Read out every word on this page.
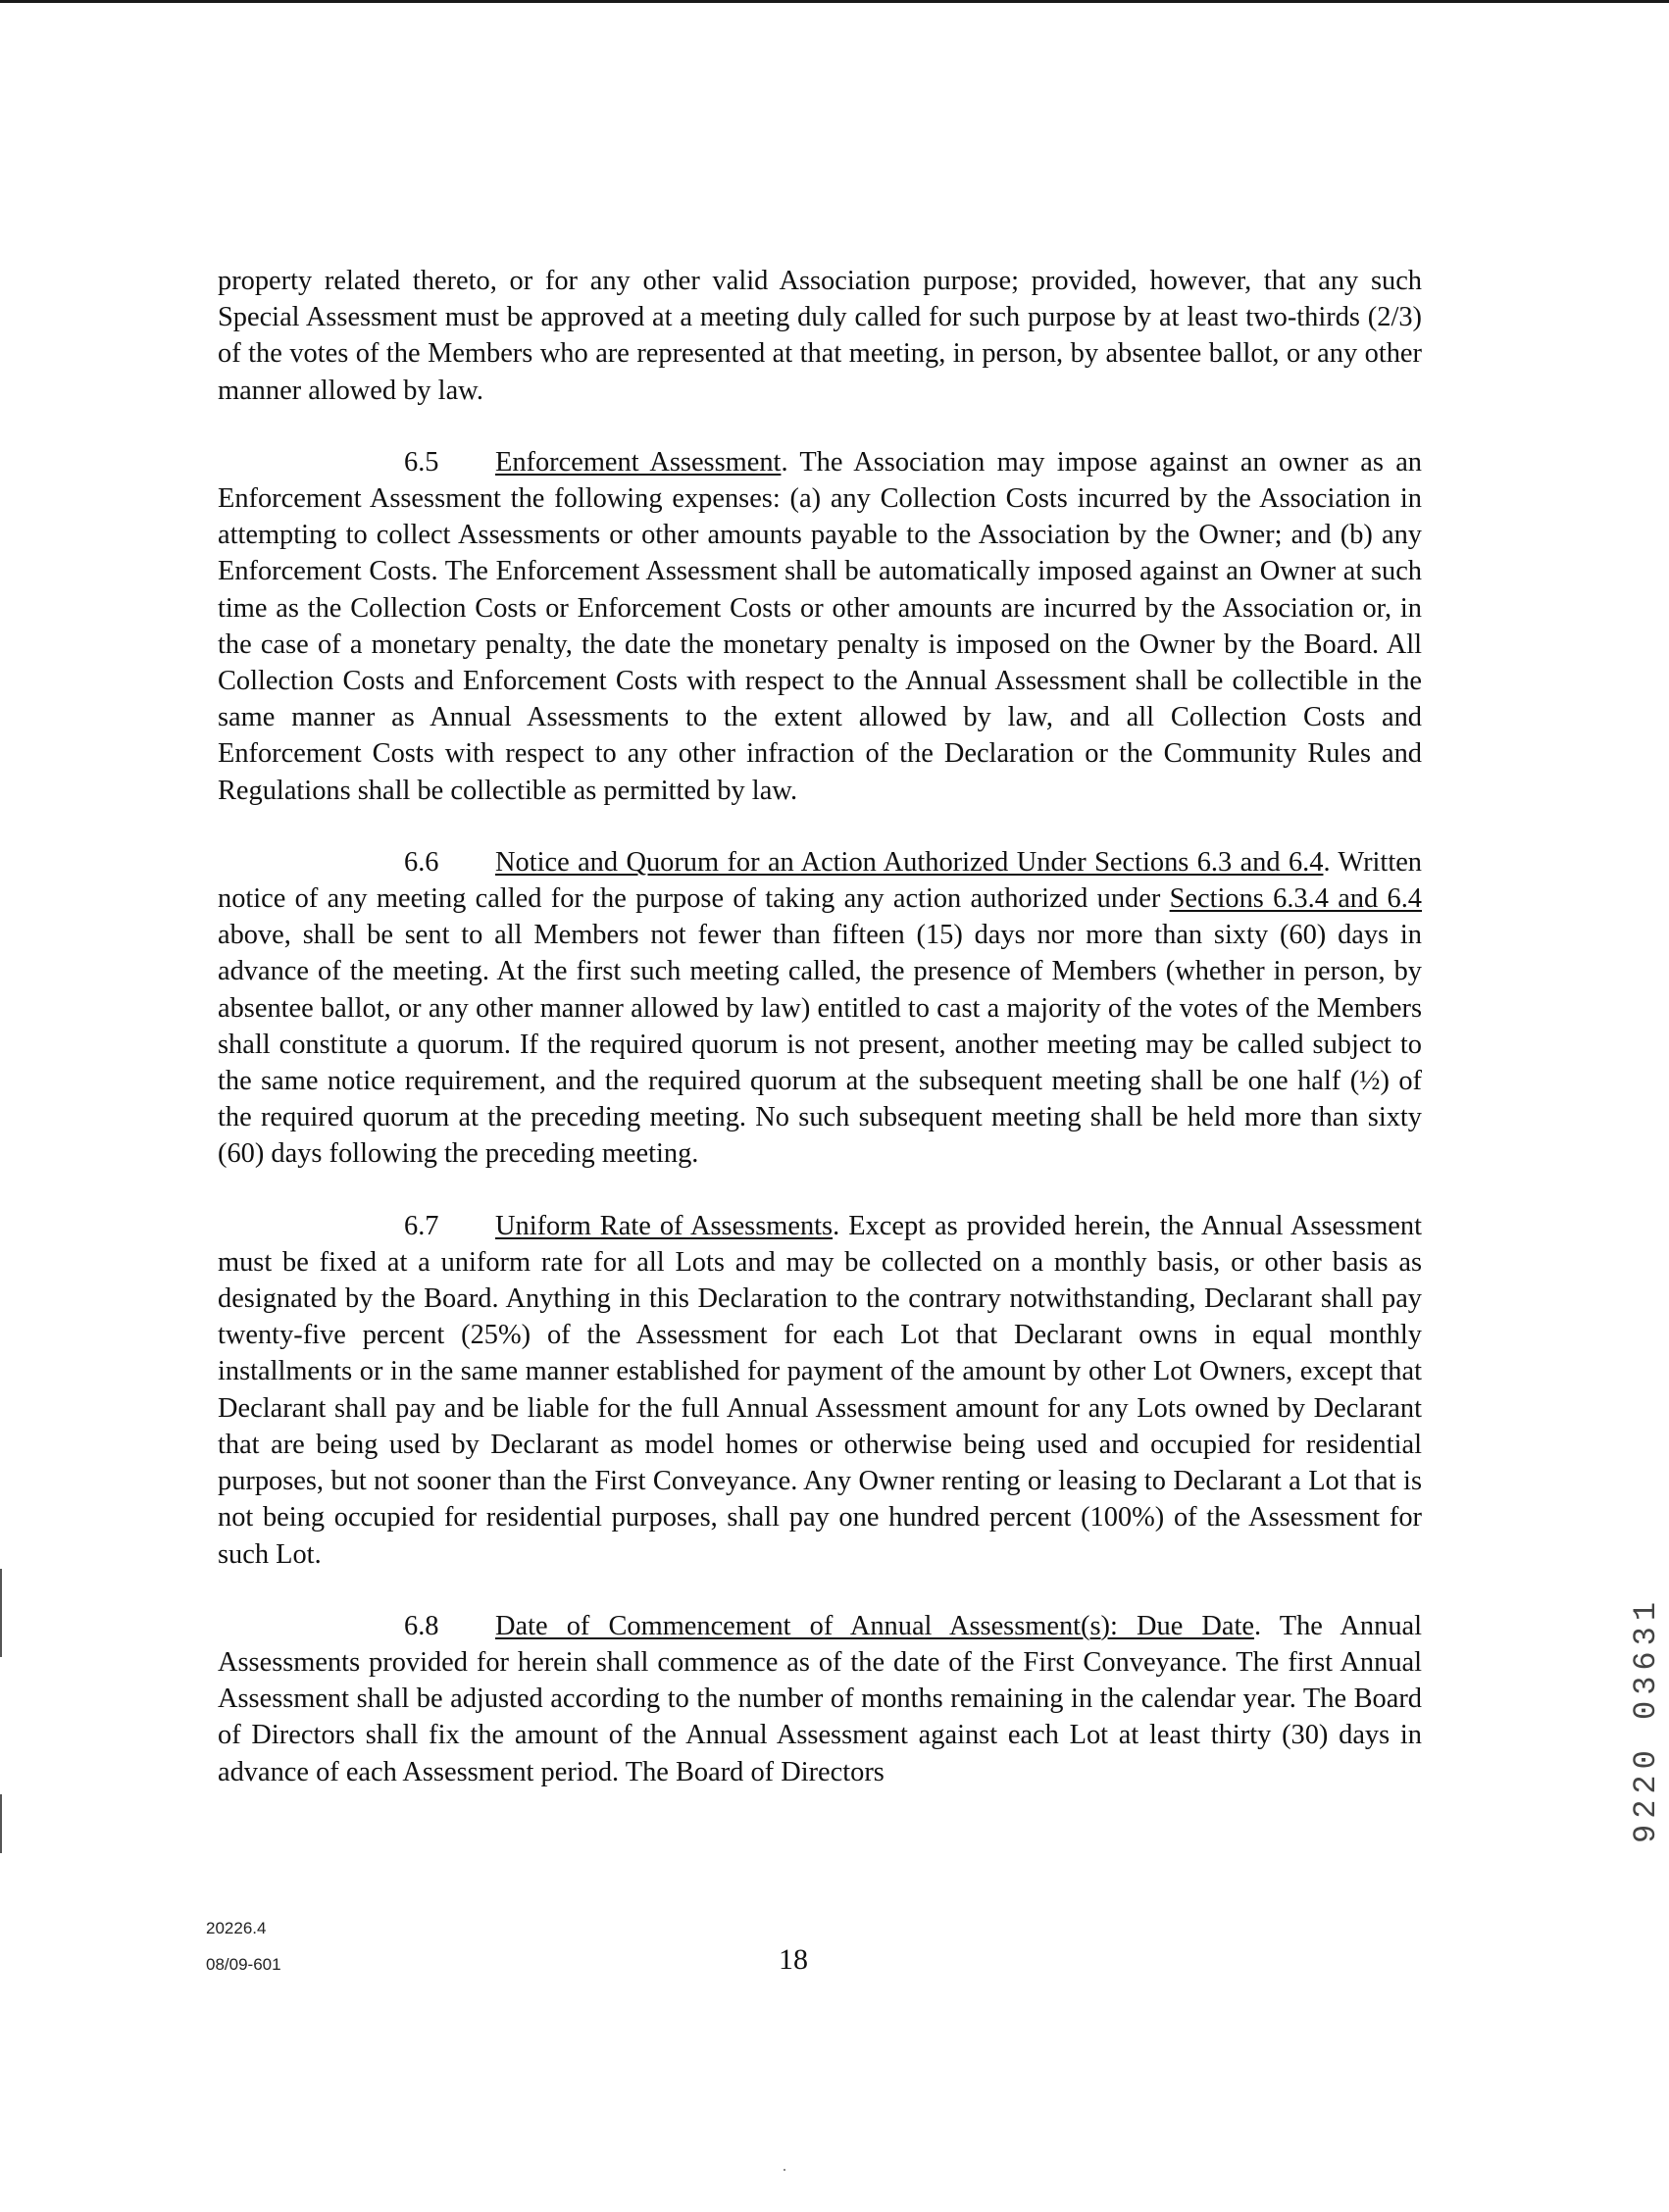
property related thereto, or for any other valid Association purpose; provided, however, that any such Special Assessment must be approved at a meeting duly called for such purpose by at least two-thirds (2/3) of the votes of the Members who are represented at that meeting, in person, by absentee ballot, or any other manner allowed by law.

6.5 Enforcement Assessment. The Association may impose against an owner as an Enforcement Assessment the following expenses: (a) any Collection Costs incurred by the Association in attempting to collect Assessments or other amounts payable to the Association by the Owner; and (b) any Enforcement Costs. The Enforcement Assessment shall be automatically imposed against an Owner at such time as the Collection Costs or Enforcement Costs or other amounts are incurred by the Association or, in the case of a monetary penalty, the date the monetary penalty is imposed on the Owner by the Board. All Collection Costs and Enforcement Costs with respect to the Annual Assessment shall be collectible in the same manner as Annual Assessments to the extent allowed by law, and all Collection Costs and Enforcement Costs with respect to any other infraction of the Declaration or the Community Rules and Regulations shall be collectible as permitted by law.

6.6 Notice and Quorum for an Action Authorized Under Sections 6.3 and 6.4. Written notice of any meeting called for the purpose of taking any action authorized under Sections 6.3.4 and 6.4 above, shall be sent to all Members not fewer than fifteen (15) days nor more than sixty (60) days in advance of the meeting. At the first such meeting called, the presence of Members (whether in person, by absentee ballot, or any other manner allowed by law) entitled to cast a majority of the votes of the Members shall constitute a quorum. If the required quorum is not present, another meeting may be called subject to the same notice requirement, and the required quorum at the subsequent meeting shall be one half (½) of the required quorum at the preceding meeting. No such subsequent meeting shall be held more than sixty (60) days following the preceding meeting.

6.7 Uniform Rate of Assessments. Except as provided herein, the Annual Assessment must be fixed at a uniform rate for all Lots and may be collected on a monthly basis, or other basis as designated by the Board. Anything in this Declaration to the contrary notwithstanding, Declarant shall pay twenty-five percent (25%) of the Assessment for each Lot that Declarant owns in equal monthly installments or in the same manner established for payment of the amount by other Lot Owners, except that Declarant shall pay and be liable for the full Annual Assessment amount for any Lots owned by Declarant that are being used by Declarant as model homes or otherwise being used and occupied for residential purposes, but not sooner than the First Conveyance. Any Owner renting or leasing to Declarant a Lot that is not being occupied for residential purposes, shall pay one hundred percent (100%) of the Assessment for such Lot.

6.8 Date of Commencement of Annual Assessment(s): Due Date. The Annual Assessments provided for herein shall commence as of the date of the First Conveyance. The first Annual Assessment shall be adjusted according to the number of months remaining in the calendar year. The Board of Directors shall fix the amount of the Annual Assessment against each Lot at least thirty (30) days in advance of each Assessment period. The Board of Directors

20226.4
08/09-601	18
9220 03631
